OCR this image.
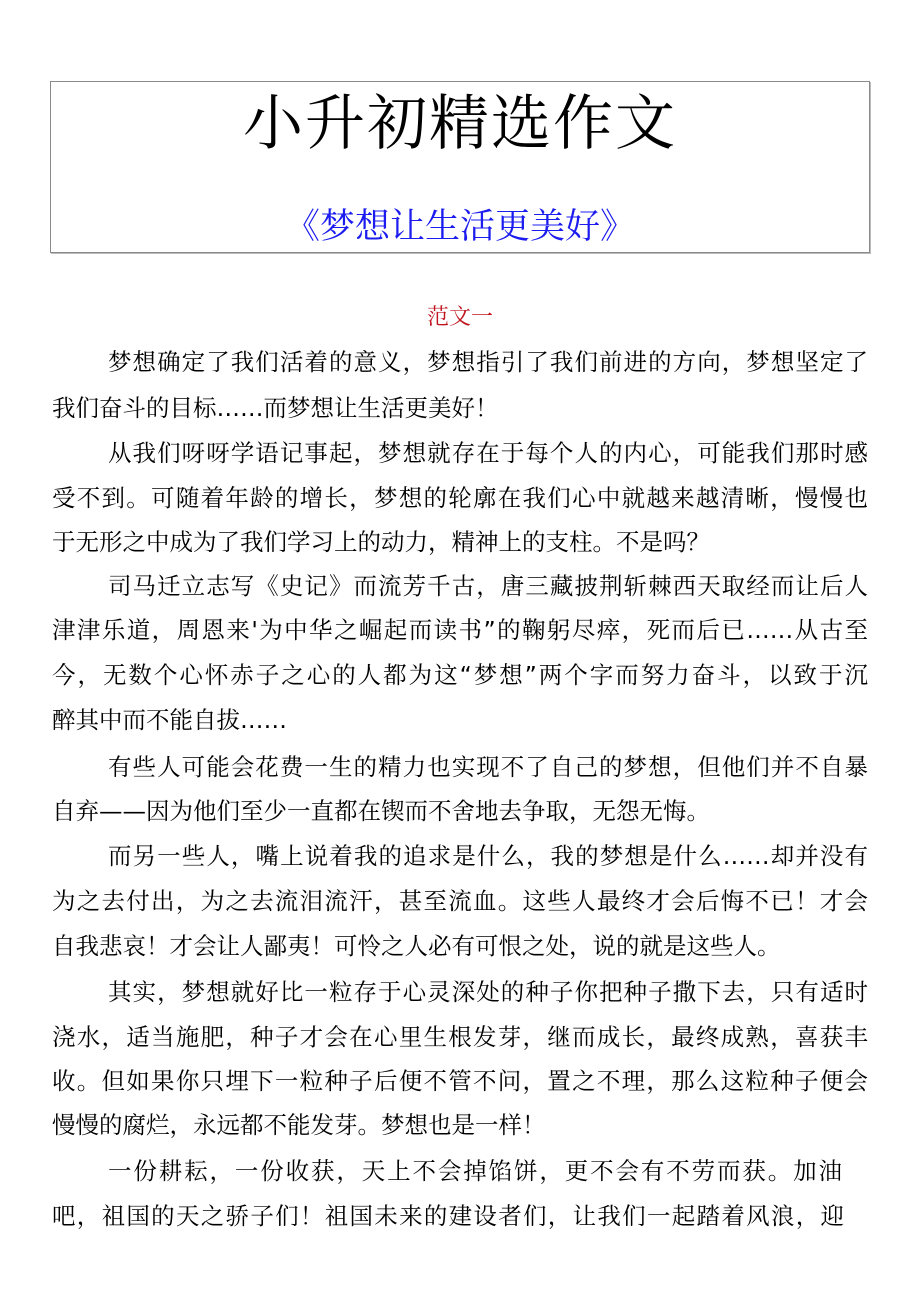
小升初精选作文
《梦想让生活更美好》
范文一
梦想确定了我们活着的意义，梦想指引了我们前进的方向，梦想坚定了
我们奋斗的目标……而梦想让生活更美好！
从我们呀呀学语记事起，梦想就存在于每个人的内心，可能我们那时感
受不到。可随着年龄的增长，梦想的轮廓在我们心中就越来越清晰，慢慢也
于无形之中成为了我们学习上的动力，精神上的支柱。不是吗？
司马迁立志写《史记》而流芳千古，唐三藏披荆斩棘西天取经而让后人
津津乐道，周恩来'为中华之崛起而读书”的鞠躬尽瘁，死而后已……从古至
今，无数个心怀赤子之心的人都为这“梦想”两个字而努力奋斗，以致于沉
醉其中而不能自拔……
有些人可能会花费一生的精力也实现不了自己的梦想，但他们并不自暴
自弃——因为他们至少一直都在锲而不舍地去争取，无怨无悔。
而另一些人，嘴上说着我的追求是什么，我的梦想是什么……却并没有
为之去付出，为之去流泪流汗，甚至流血。这些人最终才会后悔不已！才会
自我悲哀！才会让人鄙夷！可怜之人必有可恨之处，说的就是这些人。
其实，梦想就好比一粒存于心灵深处的种子你把种子撒下去，只有适时
浇水，适当施肥，种子才会在心里生根发芽，继而成长，最终成熟，喜获丰
收。但如果你只埋下一粒种子后便不管不问，置之不理，那么这粒种子便会
慢慢的腐烂，永远都不能发芽。梦想也是一样！
一份耕耘，一份收获，天上不会掉馅饼，更不会有不劳而获。加油
吧，祖国的天之骄子们！祖国未来的建设者们，让我们一起踏着风浪，迎
